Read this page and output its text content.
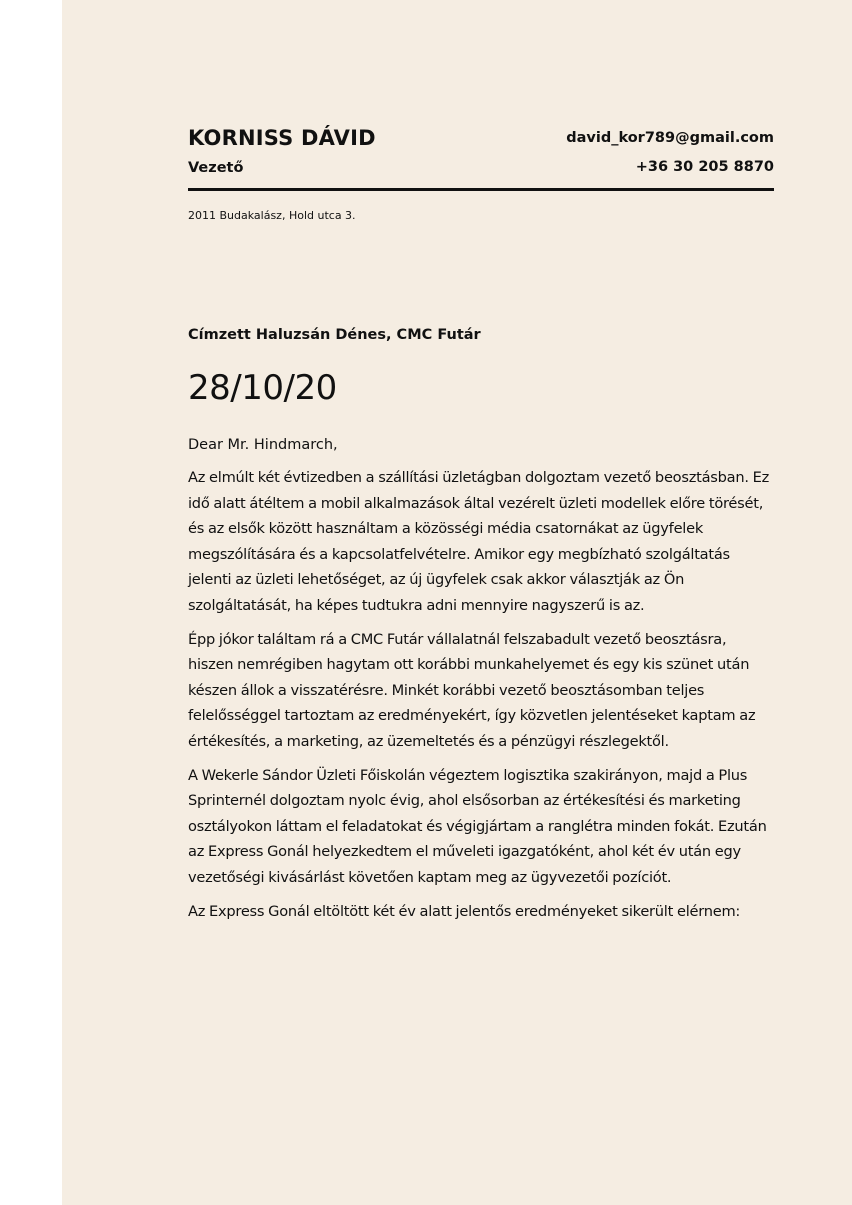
KORNISS DÁVID
Vezető
david_kor789@gmail.com
+36 30 205 8870
2011 Budakalász, Hold utca 3.
Címzett Haluzsán Dénes, CMC Futár
28/10/20

Dear Mr. Hindmarch,

Az elmúlt két évtizedben a szállítási üzletágban dolgoztam vezető beosztásban. Ez idő alatt átéltem a mobil alkalmazások által vezérelt üzleti modellek előre törését, és az elsők között használtam a közösségi média csatornákat az ügyfelek megszólítására és a kapcsolatfelvételre. Amikor egy megbízható szolgáltatás jelenti az üzleti lehetőséget, az új ügyfelek csak akkor választják az Ön szolgáltatását, ha képes tudtukra adni mennyire nagyszerű is az.

Épp jókor találtam rá a CMC Futár vállalatnál felszabadult vezető beosztásra, hiszen nemrégiben hagytam ott korábbi munkahelyemet és egy kis szünet után készen állok a visszatérésre. Minkét korábbi vezető beosztásomban teljes felelősséggel tartoztam az eredményekért, így közvetlen jelentéseket kaptam az értékesítés, a marketing, az üzemeltetés és a pénzügyi részlegektől.

A Wekerle Sándor Üzleti Főiskolán végeztem logisztika szakirányon, majd a Plus Sprinternél dolgoztam nyolc évig, ahol elsősorban az értékesítési és marketing osztályokon láttam el feladatokat és végigjártam a ranglétra minden fokát. Ezután az Express Gonál helyezkedtem el műveleti igazgatóként, ahol két év után egy vezetőségi kivásárlást követően kaptam meg az ügyvezetői pozíciót.

Az Express Gonál eltöltött két év alatt jelentős eredményeket sikerült elérnem:
